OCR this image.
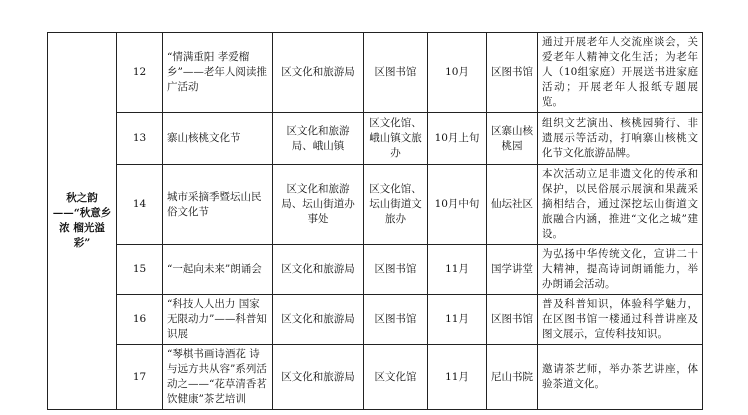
秋之韵——“秋意乡浓 榴光溢彩”	12	“情满重阳 孝爱榴乡”——老年人阅读推广活动	区文化和旅游局	区图书馆	10月	区图书馆	通过开展老年人交流座谈会，关爱老年人精神文化生活；为老年人（10组家庭）开展送书进家庭活动；开展老年人报纸专题展览。
	13	寨山核桃文化节	区文化和旅游局、峨山镇	区文化馆、峨山镇文旅办	10月上旬	区寨山核桃园	组织文艺演出、核桃园骑行、非遗展示等活动，打响寨山核桃文化节文化旅游品牌。
	14	城市采摘季暨坛山民俗文化节	区文化和旅游局、坛山街道办事处	区文化馆、坛山街道文旅办	10月中旬	仙坛社区	本次活动立足非遗文化的传承和保护，以民俗展示展演和果蔬采摘相结合，通过深挖坛山街道文旅融合内涵，推进“文化之城”建设。
	15	“一起向未来”朗诵会	区文化和旅游局	区图书馆	11月	国学讲堂	为弘扬中华传统文化，宣讲二十大精神，提高诗词朗诵能力，举办朗诵会活动。
	16	“科技人人出力 国家无限动力”——科普知识展	区文化和旅游局	区图书馆	11月	区图书馆	普及科普知识，体验科学魅力，在区图书馆一楼通过科普讲座及图文展示，宣传科技知识。
	17	“琴棋书画诗酒花 诗与远方共从容”系列活动之——“花草清香茗饮健康”茶艺培训	区文化和旅游局	区文化馆	11月	尼山书院	邀请茶艺师，举办茶艺讲座，体验茶道文化。
